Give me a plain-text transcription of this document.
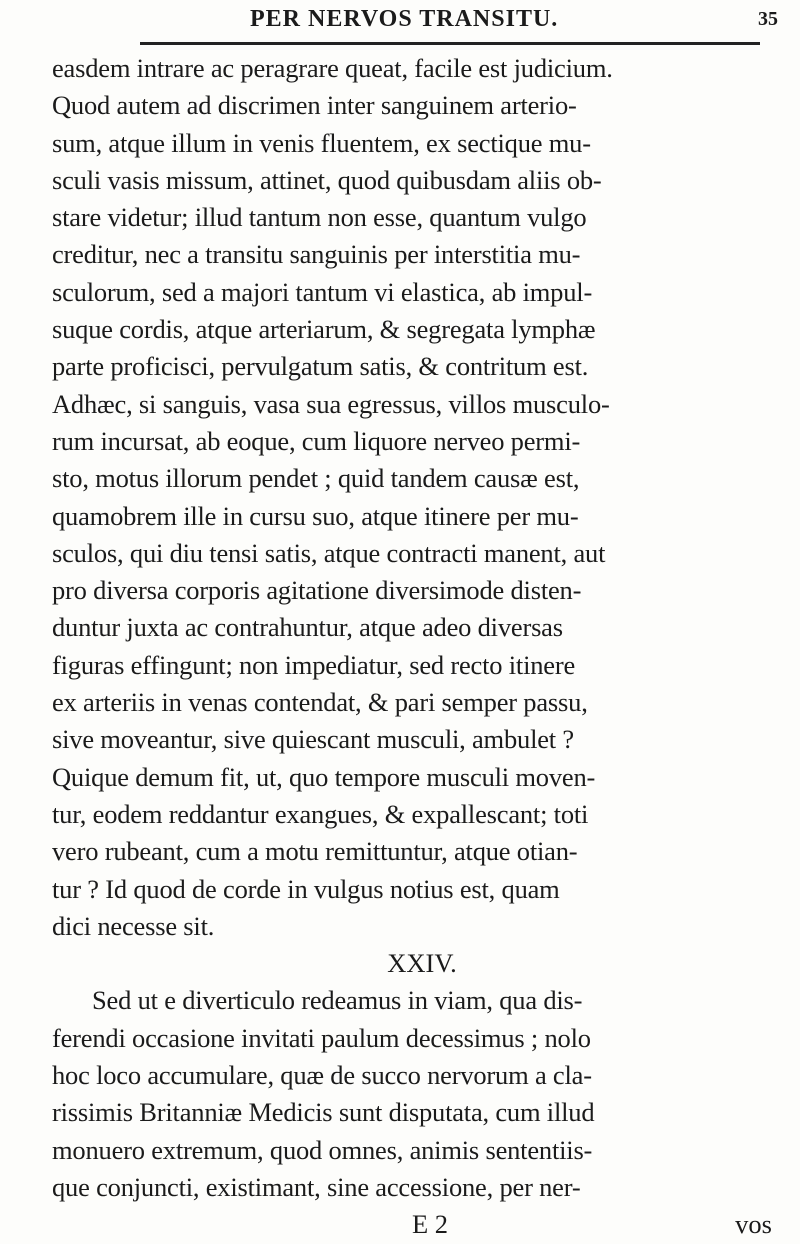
PER NERVOS TRANSITU.	35
easdem intrare ac peragrare queat, facile est judicium.
Quod autem ad discrimen inter sanguinem arterio-
sum, atque illum in venis fluentem, ex sectique mu-
sculi vasis missum, attinet, quod quibusdam aliis ob-
stare videtur; illud tantum non esse, quantum vulgo
creditur, nec a transitu sanguinis per interstitia mu-
sculorum, sed a majori tantum vi elastica, ab impul-
suque cordis, atque arteriarum, & segregata lymphæ
parte proficisci, pervulgatum satis, & contritum est.
Adhæc, si sanguis, vasa sua egressus, villos musculo-
rum incursat, ab eoque, cum liquore nerveo permi-
sto, motus illorum pendet ; quid tandem causæ est,
quamobrem ille in cursu suo, atque itinere per mu-
sculos, qui diu tensi satis, atque contracti manent, aut
pro diversa corporis agitatione diversimode disten-
duntur juxta ac contrahuntur, atque adeo diversas
figuras effingunt; non impediatur, sed recto itinere
ex arteriis in venas contendat, & pari semper passu,
sive moveantur, sive quiescant musculi, ambulet ?
Quique demum fit, ut, quo tempore musculi moven-
tur, eodem reddantur exangues, & expallescant; toti
vero rubeant, cum a motu remittuntur, atque otian-
tur ? Id quod de corde in vulgus notius est, quam
dici necesse sit.
XXIV.
Sed ut e diverticulo redeamus in viam, qua dis-
ferendi occasione invitati paulum decessimus ; nolo
hoc loco accumulare, quæ de succo nervorum a cla-
rissimis Britanniæ Medicis sunt disputata, cum illud
monuero extremum, quod omnes, animis sententiis-
que conjuncti, existimant, sine accessione, per ner-
E 2	vos
